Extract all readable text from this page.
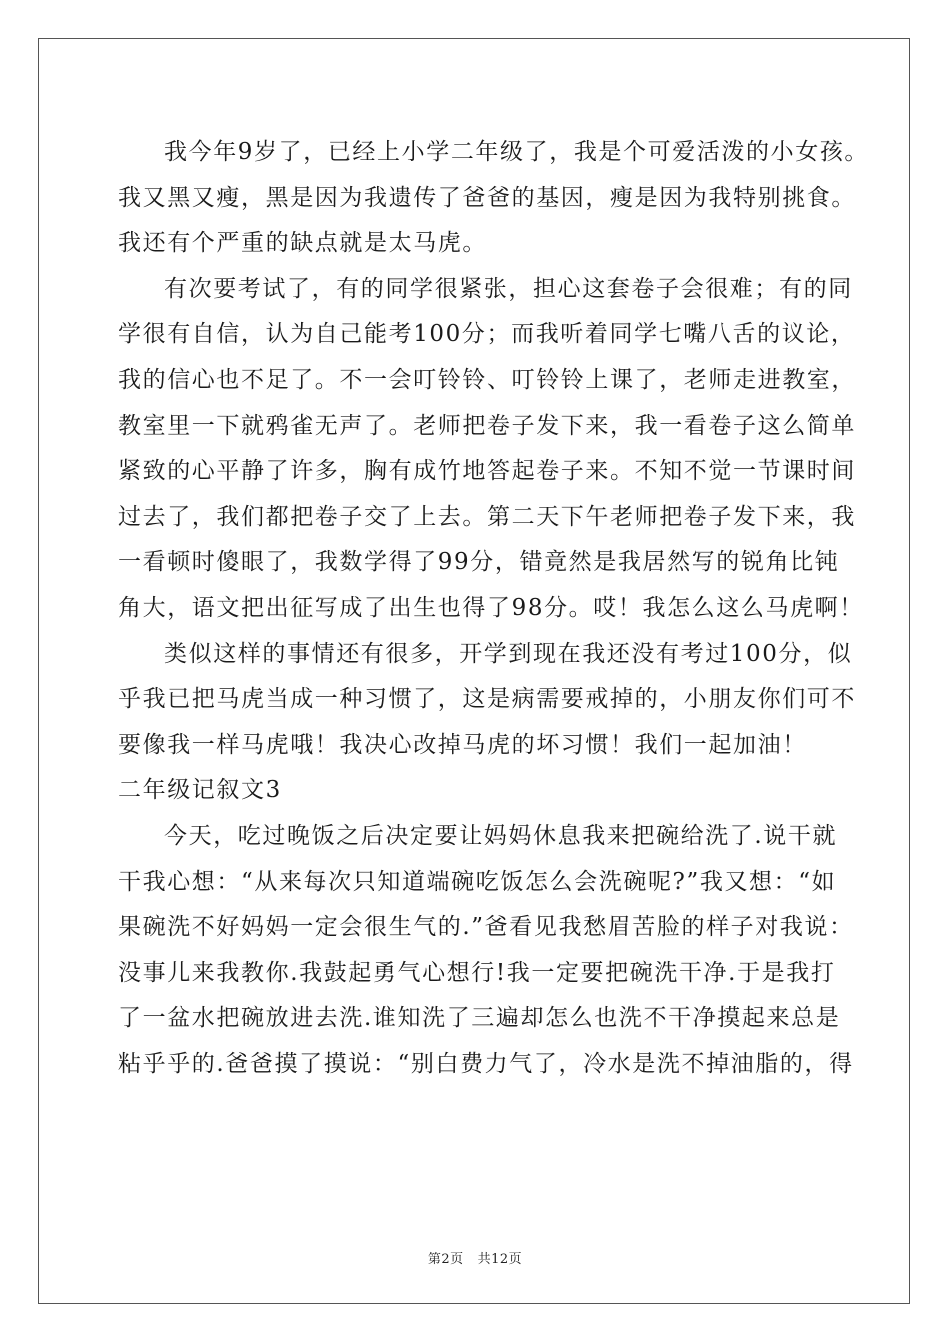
我今年9岁了，已经上小学二年级了，我是个可爱活泼的小女孩。
我又黑又瘦，黑是因为我遗传了爸爸的基因，瘦是因为我特别挑食。
我还有个严重的缺点就是太马虎。
有次要考试了，有的同学很紧张，担心这套卷子会很难；有的同
学很有自信，认为自己能考100分；而我听着同学七嘴八舌的议论，
我的信心也不足了。不一会叮铃铃、叮铃铃上课了，老师走进教室，
教室里一下就鸦雀无声了。老师把卷子发下来，我一看卷子这么简单
紧致的心平静了许多，胸有成竹地答起卷子来。不知不觉一节课时间
过去了，我们都把卷子交了上去。第二天下午老师把卷子发下来，我
一看顿时傻眼了，我数学得了99分，错竟然是我居然写的锐角比钝
角大，语文把出征写成了出生也得了98分。哎！我怎么这么马虎啊！
类似这样的事情还有很多，开学到现在我还没有考过100分，似
乎我已把马虎当成一种习惯了，这是病需要戒掉的，小朋友你们可不
要像我一样马虎哦！我决心改掉马虎的坏习惯！我们一起加油！
二年级记叙文3
今天，吃过晚饭之后决定要让妈妈休息我来把碗给洗了.说干就
干我心想：“从来每次只知道端碗吃饭怎么会洗碗呢?”我又想：“如
果碗洗不好妈妈一定会很生气的.”爸看见我愁眉苦脸的样子对我说：
没事儿来我教你.我鼓起勇气心想行!我一定要把碗洗干净.于是我打
了一盆水把碗放进去洗.谁知洗了三遍却怎么也洗不干净摸起来总是
粘乎乎的.爸爸摸了摸说：“别白费力气了，冷水是洗不掉油脂的，得
第2页 共12页
